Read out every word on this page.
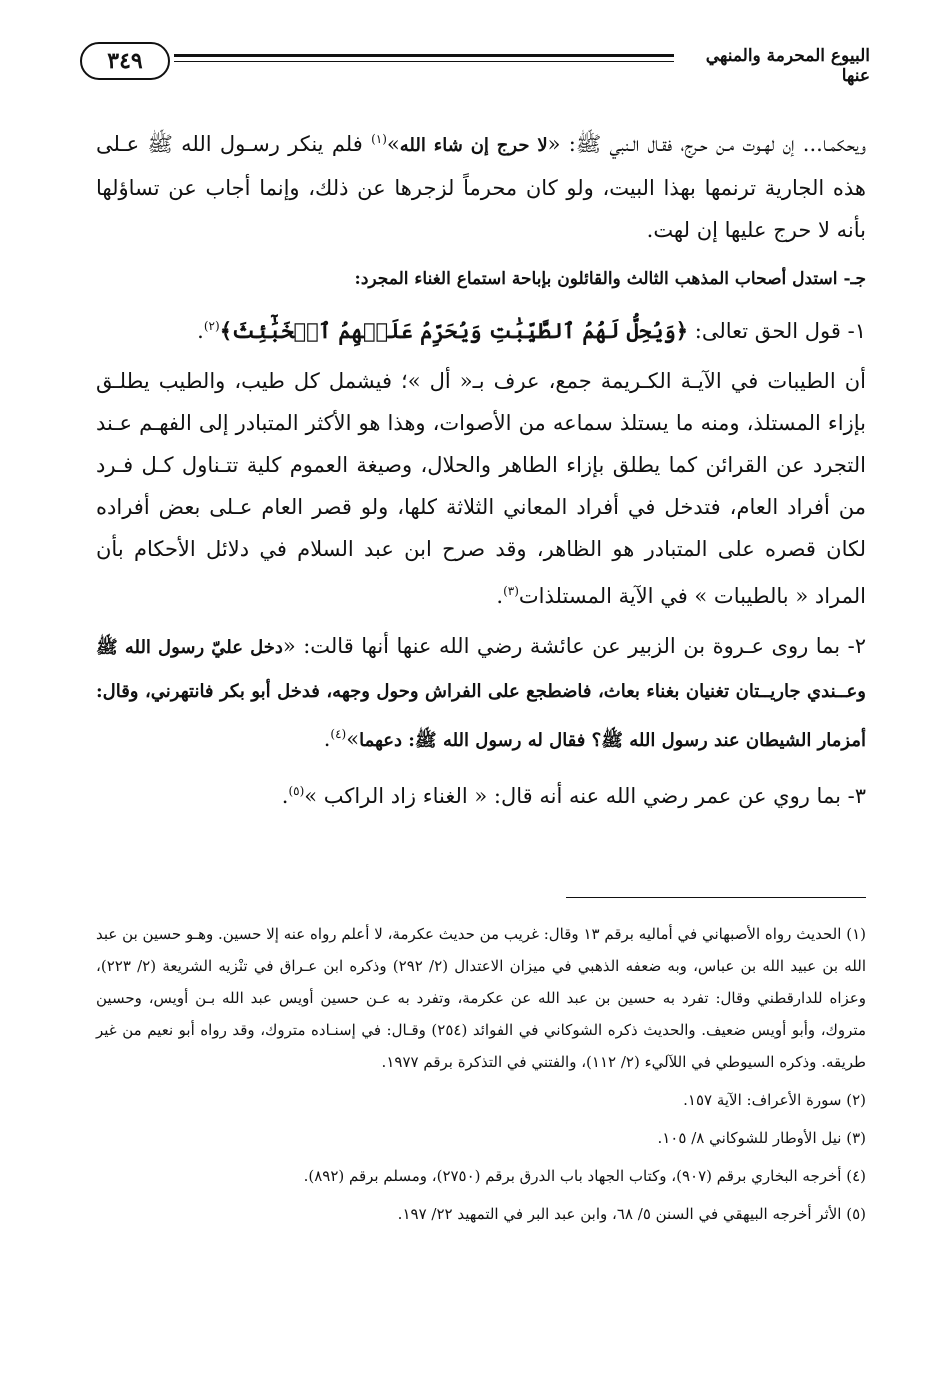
٣٤٩	البيوع المحرمة والمنهي عنها

ويحكمـا... إن لهـوت مـن حـرج، فقـال الـنبي ﷺ: «لا حرج إن شاء الله»$^{(١)}$ فلم ينكر رسـول الله ﷺ عـلى هذه الجارية ترنمها بهذا البيت، ولو كان محرماً لزجرها عن ذلك، وإنما أجاب عن تساؤلها بأنه لا حرج عليها إن لهت.

جـ- استدل أصحاب المذهب الثالث والقائلون بإباحة استماع الغناء المجرد:

١- قول الحق تعالى: ﴿وَيُحِلُّ لَهُمُ ٱلطَّيِّبَٰتِ وَيُحَرِّمُ عَلَيۡهِمُ ٱلۡخَبَٰٓئِثَ﴾$^{(٢)}$.

أن الطيبات في الآيـة الكـريمة جمع، عرف بـ« أل »؛ فيشمل كل طيب، والطيب يطلـق بإزاء المستلذ، ومنه ما يستلذ سماعه من الأصوات، وهذا هو الأكثر المتبادر إلى الفهـم عـند التجرد عن القرائن كما يطلق بإزاء الطاهر والحلال، وصيغة العموم كلية تتـناول كـل فـرد من أفراد العام، فتدخل في أفراد المعاني الثلاثة كلها، ولو قصر العام عـلى بعض أفراده لكان قصره على المتبادر هو الظاهر، وقد صرح ابن عبد السلام في دلائل الأحكام بأن المراد « بالطيبات » في الآية المستلذات$^{(٣)}$.

٢- بما روى عـروة بن الزبير عن عائشة رضي الله عنها أنها قالت: «دخل عليّ رسول الله ﷺ وعــندي جاريــتان تغنيان بغناء بعاث، فاضطجع على الفراش وحول وجهه، فدخل أبو بكر فانتهرني، وقال: أمزمار الشيطان عند رسول الله ﷺ؟ فقال له رسول الله ﷺ: دعهما»$^{(٤)}$.

٣- بما روي عن عمر رضي الله عنه أنه قال: « الغناء زاد الراكب »$^{(٥)}$.

(١) الحديث رواه الأصبهاني في أماليه برقم ١٣ وقال: غريب من حديث عكرمة، لا أعلم رواه عنه إلا حسين. وهـو حسين بن عبد الله بن عبيد الله بن عباس، وبه ضعفه الذهبي في ميزان الاعتدال (٢/ ٢٩٢) وذكره ابن عـراق في تنْزيه الشريعة (٢/ ٢٢٣)، وعزاه للدارقطني وقال: تفرد به حسين بن عبد الله عن عكرمة، وتفرد به عـن حسين أويس عبد الله بـن أويس، وحسين متروك، وأبو أويس ضعيف. والحديث ذكره الشوكاني في الفوائد (٢٥٤) وقـال: في إسنـاده متروك، وقد رواه أبو نعيم من غير طريقه. وذكره السيوطي في اللآليء (٢/ ١١٢)، والفتني في التذكرة برقم ١٩٧٧.

(٢) سورة الأعراف: الآية ١٥٧.

(٣) نيل الأوطار للشوكاني ٨/ ١٠٥.

(٤) أخرجه البخاري برقم (٩٠٧)، وكتاب الجهاد باب الدرق برقم (٢٧٥٠)، ومسلم برقم (٨٩٢).

(٥) الأثر أخرجه البيهقي في السنن ٥/ ٦٨، وابن عبد البر في التمهيد ٢٢/ ١٩٧.
